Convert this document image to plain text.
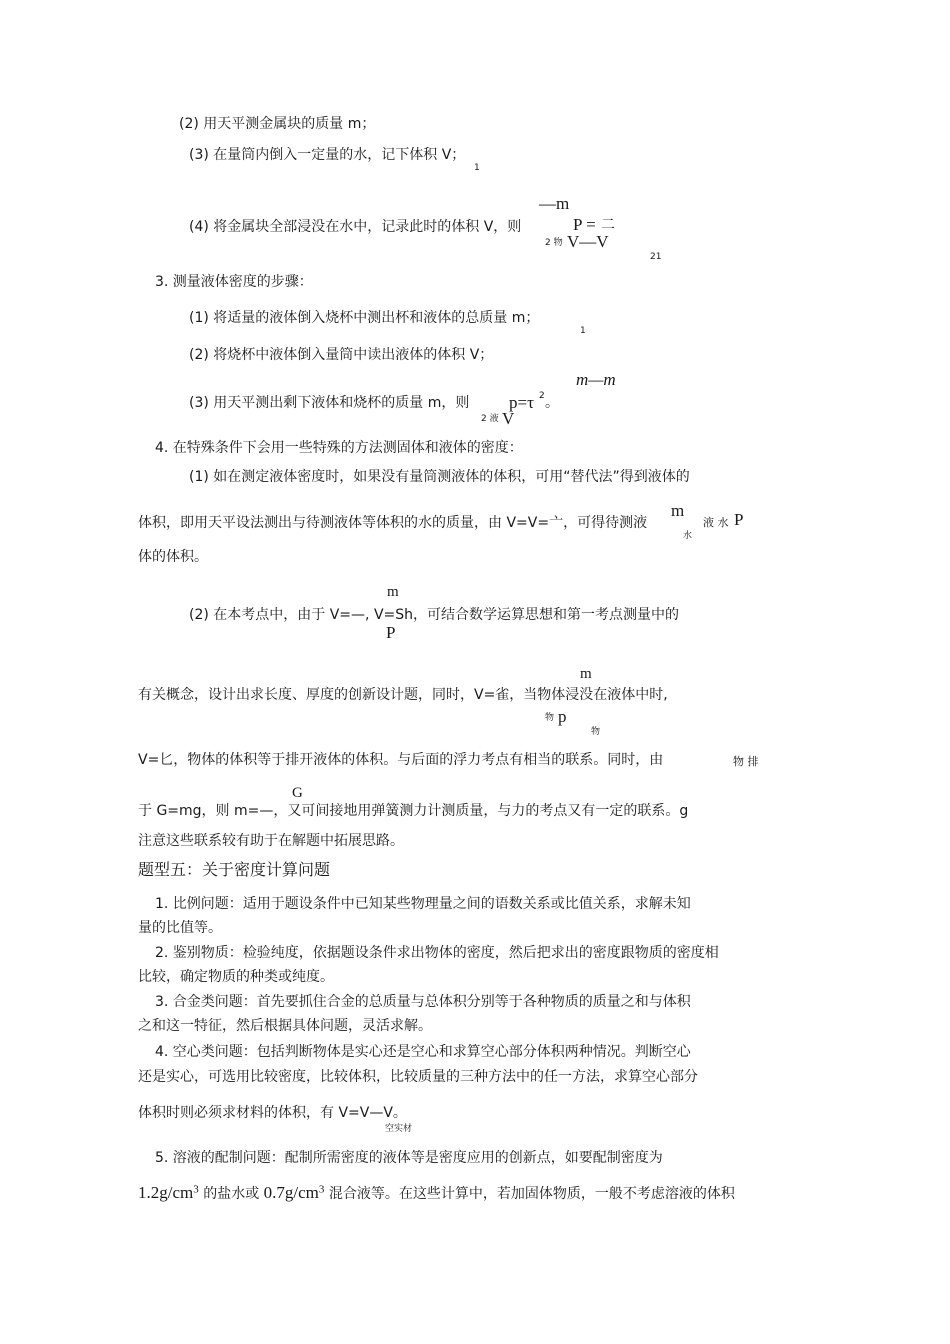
(2) 用天平测金属块的质量 m；
(3) 在量筒内倒入一定量的水，记下体积 V；
1
—m
(4) 将金属块全部浸没在水中，记录此时的体积 V，则	P = 二
2 物 V—V
21
3. 测量液体密度的步骤：
(1) 将适量的液体倒入烧杯中测出杯和液体的总质量 m；
1
(2) 将烧杯中液体倒入量筒中读出液体的体积 V；
m—m
(3) 用天平测出剩下液体和烧杯的质量 m，则 p=τ 2 。
2 液 V
4. 在特殊条件下会用一些特殊的方法测固体和液体的密度：
(1) 如在测定液体密度时，如果没有量筒测液体的体积，可用“替代法”得到液体的
m
体积，即用天平设法测出与待测液体等体积的水的质量，由 V=V=亠，可得待测液	液 水 P
水
体的体积。
m
(2) 在本考点中，由于 V=—, V=Sh，可结合数学运算思想和第一考点测量中的
P
m
有关概念，设计出求长度、厚度的创新设计题，同时，V=雀，当物体浸没在液体中时,
物 p
物
V=匕，物体的体积等于排开液体的体积。与后面的浮力考点有相当的联系。同时，由	物 排
G
于 G=mg，则 m=—，又可间接地用弹簧测力计测质量，与力的考点又有一定的联系。g
注意这些联系较有助于在解题中拓展思路。
题型五：关于密度计算问题
1. 比例问题：适用于题设条件中已知某些物理量之间的语数关系或比值关系，求解未知
量的比值等。
2. 鉴别物质：检验纯度，依据题设条件求出物体的密度，然后把求出的密度跟物质的密度相
比较，确定物质的种类或纯度。
3. 合金类问题：首先要抓住合金的总质量与总体积分别等于各种物质的质量之和与体积
之和这一特征，然后根据具体问题，灵活求解。
4. 空心类问题：包括判断物体是实心还是空心和求算空心部分体积两种情况。判断空心
还是实心，可选用比较密度，比较体积，比较质量的三种方法中的任一方法，求算空心部分
体积时则必须求材料的体积，有 V=V—V。
空实材
5. 溶液的配制问题：配制所需密度的液体等是密度应用的创新点，如要配制密度为
$1.2g/cm^3$ 的盐水或 $0.7g/cm^3$ 混合液等。在这些计算中，若加固体物质，一般不考虑溶液的体积
